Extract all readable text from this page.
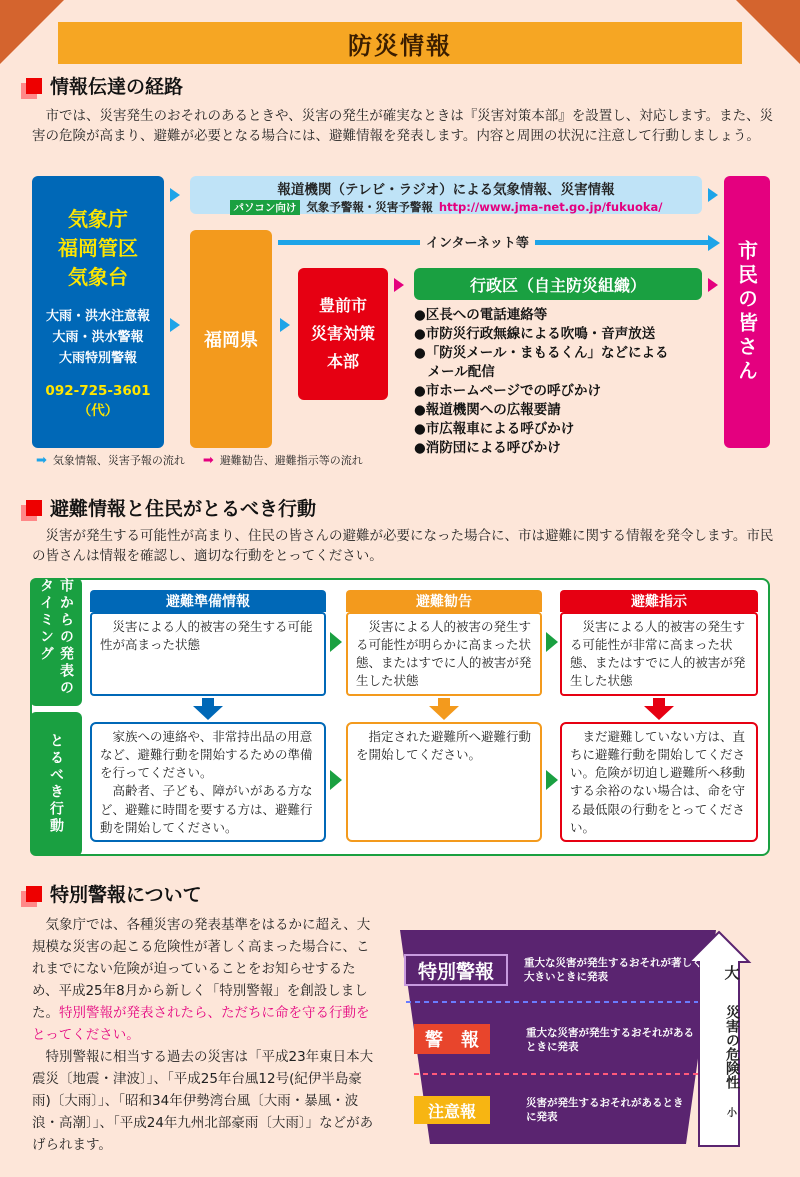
防災情報
情報伝達の経路
　市では、災害発生のおそれのあるときや、災害の発生が確実なときは『災害対策本部』を設置し、対応します。また、災害の危険が高まり、避難が必要となる場合には、避難情報を発表します。内容と周囲の状況に注意して行動しましょう。
気象庁
福岡管区
気象台
大雨・洪水注意報
大雨・洪水警報
大雨特別警報
092-725-3601（代）
報道機関（テレビ・ラジオ）による気象情報、災害情報
パソコン向け 気象予警報・災害予警報 http://www.jma-net.go.jp/fukuoka/
インターネット等
福岡県
豊前市
災害対策
本部
行政区（自主防災組織）
●区長への電話連絡等
●市防災行政無線による吹鳴・音声放送
●「防災メール・まもるくん」などによる
　メール配信
●市ホームページでの呼びかけ
●報道機関への広報要請
●市広報車による呼びかけ
●消防団による呼びかけ
市民の皆さん
➡ 気象情報、災害予報の流れ ➡ 避難勧告、避難指示等の流れ
避難情報と住民がとるべき行動
　災害が発生する可能性が高まり、住民の皆さんの避難が必要になった場合に、市は避難に関する情報を発令します。市民の皆さんは情報を確認し、適切な行動をとってください。
市からの発表のタイミング
とるべき行動
避難準備情報
災害による人的被害の発生する可能性が高まった状態
避難勧告
災害による人的被害の発生する可能性が明らかに高まった状態、またはすでに人的被害が発生した状態
避難指示
災害による人的被害の発生する可能性が非常に高まった状態、またはすでに人的被害が発生した状態
家族への連絡や、非常持出品の用意など、避難行動を開始するための準備を行ってください。
高齢者、子ども、障がいがある方など、避難に時間を要する方は、避難行動を開始してください。
指定された避難所へ避難行動を開始してください。
まだ避難していない方は、直ちに避難行動を開始してください。危険が切迫し避難所へ移動する余裕のない場合は、命を守る最低限の行動をとってください。
特別警報について
　気象庁では、各種災害の発表基準をはるかに超え、大規模な災害の起こる危険性が著しく高まった場合に、これまでにない危険が迫っていることをお知らせするため、平成25年8月から新しく「特別警報」を創設しました。特別警報が発表されたら、ただちに命を守る行動をとってください。
　特別警報に相当する過去の災害は「平成23年東日本大震災〔地震・津波〕」、「平成25年台風12号(紀伊半島豪雨)〔大雨〕」、「昭和34年伊勢湾台風〔大雨・暴風・波浪・高潮〕」、「平成24年九州北部豪雨〔大雨〕」などがあげられます。
特別警報	重大な災害が発生するおそれが著しく大きいときに発表
警　報	重大な災害が発生するおそれがあるときに発表
注意報	災害が発生するおそれがあるときに発表
大
災害の危険性
小
